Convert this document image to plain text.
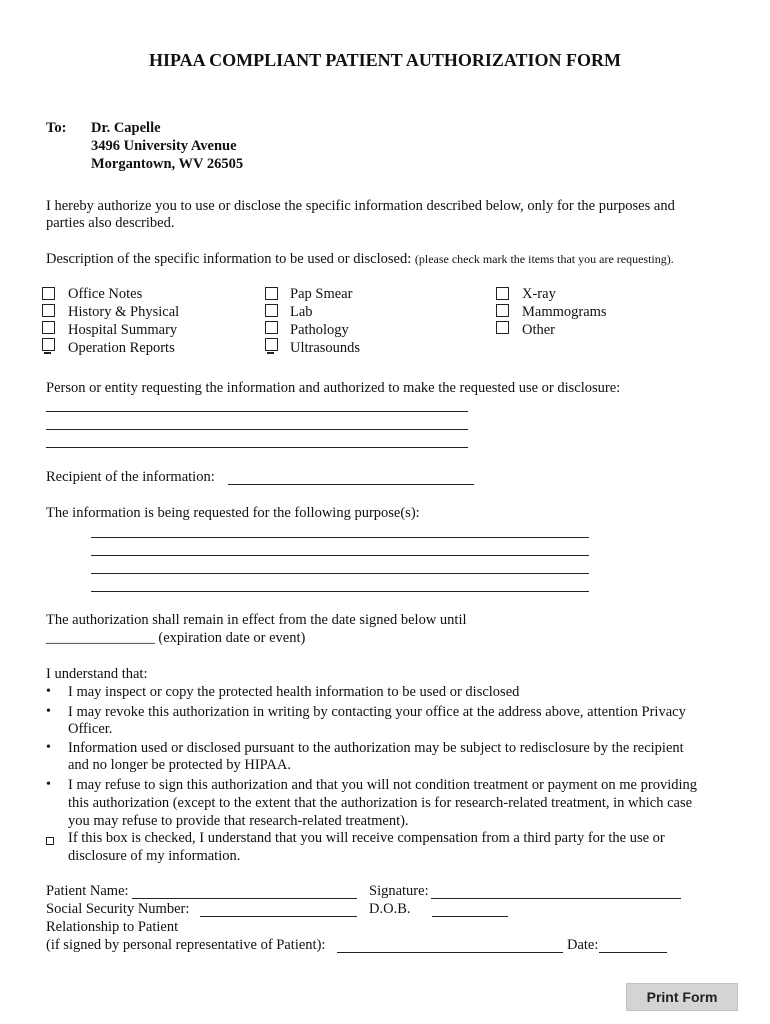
HIPAA COMPLIANT PATIENT AUTHORIZATION FORM
To: Dr. Capelle
3496 University Avenue
Morgantown, WV 26505
I hereby authorize you to use or disclose the specific information described below, only for the purposes and
parties also described.
Description of the specific information to be used or disclosed: (please check mark the items that you are requesting).
Office Notes
History & Physical
Hospital Summary
Operation Reports
Pap Smear
Lab
Pathology
Ultrasounds
X-ray
Mammograms
Other
Person or entity requesting the information and authorized to make the requested use or disclosure:
Recipient of the information:
The information is being requested for the following purpose(s):
The authorization shall remain in effect from the date signed below until
_______________ (expiration date or event)
I understand that:
• I may inspect or copy the protected health information to be used or disclosed
• I may revoke this authorization in writing by contacting your office at the address above, attention Privacy
Officer.
• Information used or disclosed pursuant to the authorization may be subject to redisclosure by the recipient
and no longer be protected by HIPAA.
• I may refuse to sign this authorization and that you will not condition treatment or payment on me providing
this authorization (except to the extent that the authorization is for research-related treatment, in which case
you may refuse to provide that research-related treatment).
If this box is checked, I understand that you will receive compensation from a third party for the use or
disclosure of my information.
Patient Name:	Signature:
Social Security Number:	D.O.B.
Relationship to Patient
(if signed by personal representative of Patient):	Date:
Print Form
